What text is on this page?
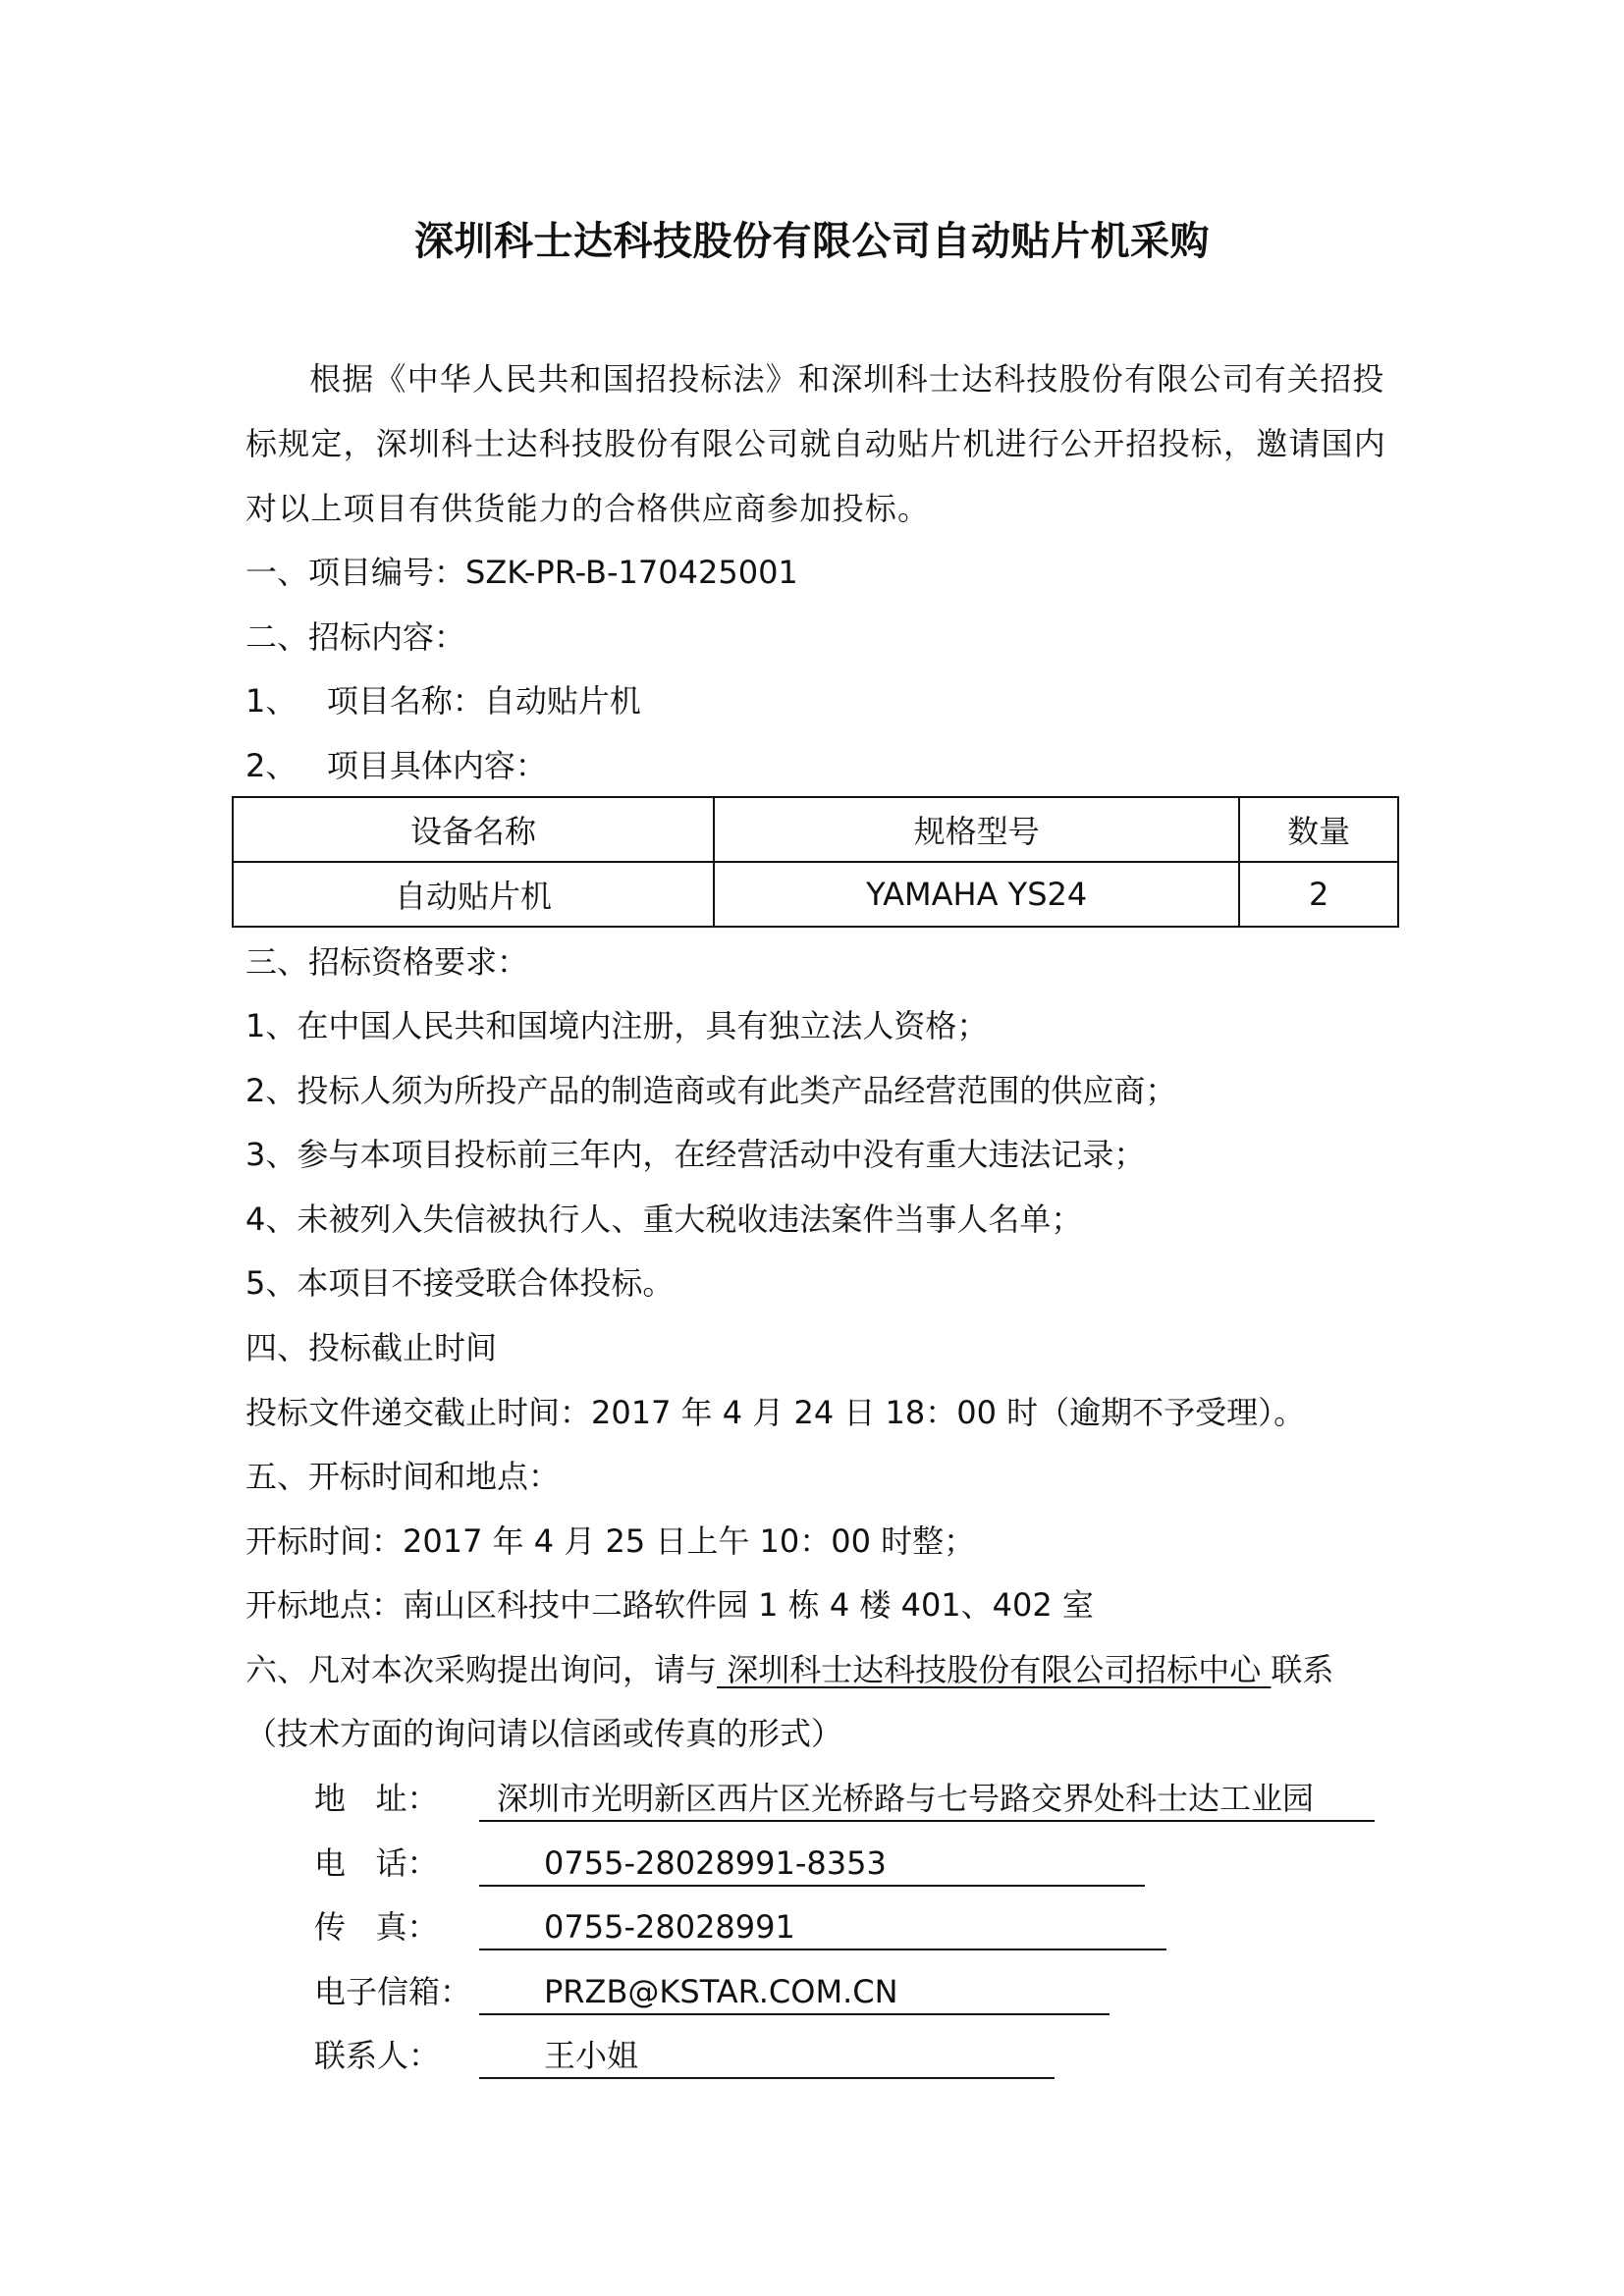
深圳科士达科技股份有限公司自动贴片机采购
根据《中华人民共和国招投标法》和深圳科士达科技股份有限公司有关招投
标规定，深圳科士达科技股份有限公司就自动贴片机进行公开招投标，邀请国内
对以上项目有供货能力的合格供应商参加投标。
一、项目编号：SZK-PR-B-170425001
二、招标内容：
1、   项目名称：自动贴片机
2、   项目具体内容：
设备名称	规格型号	数量
自动贴片机	YAMAHA YS24	2
三、招标资格要求：
1、在中国人民共和国境内注册，具有独立法人资格；
2、投标人须为所投产品的制造商或有此类产品经营范围的供应商；
3、参与本项目投标前三年内，在经营活动中没有重大违法记录；
4、未被列入失信被执行人、重大税收违法案件当事人名单；
5、本项目不接受联合体投标。
四、投标截止时间
投标文件递交截止时间：2017 年 4 月 24 日 18：00 时（逾期不予受理）。
五、开标时间和地点：
开标时间：2017 年 4 月 25 日上午 10：00 时整；
开标地点：南山区科技中二路软件园 1 栋 4 楼 401、402 室
六、凡对本次采购提出询问，请与 深圳科士达科技股份有限公司招标中心 联系
（技术方面的询问请以信函或传真的形式）
地   址： 深圳市光明新区西片区光桥路与七号路交界处科士达工业园
电   话：	0755-28028991-8353
传   真：	0755-28028991
电子信箱： PRZB@KSTAR.COM.CN
联系人：	王小姐
